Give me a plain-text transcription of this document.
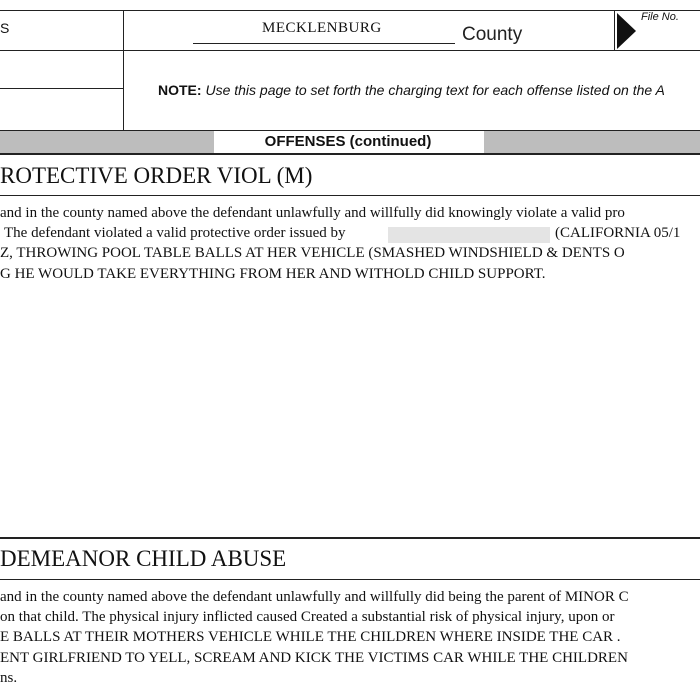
S	MECKLENBURG	County
File No.
NOTE: Use this page to set forth the charging text for each offense listed on the A
OFFENSES (continued)
ROTECTIVE ORDER VIOL (M)
and in the county named above the defendant unlawfully and willfully did knowingly violate a valid pro
The defendant violated a valid protective order issued by	(CALIFORNIA 05/1
Z, THROWING POOL TABLE BALLS AT HER VEHICLE (SMASHED WINDSHIELD & DENTS O
G HE WOULD TAKE EVERYTHING FROM HER AND WITHOLD CHILD SUPPORT.
DEMEANOR CHILD ABUSE
and in the county named above the defendant unlawfully and willfully did being the parent of MINOR C
on that child. The physical injury inflicted caused Created a substantial risk of physical injury, upon or
E BALLS AT THEIR MOTHERS VEHICLE WHILE THE CHILDREN WHERE INSIDE THE CAR .
ENT GIRLFRIEND TO YELL, SCREAM AND KICK THE VICTIMS CAR WHILE THE CHILDREN
ns.
